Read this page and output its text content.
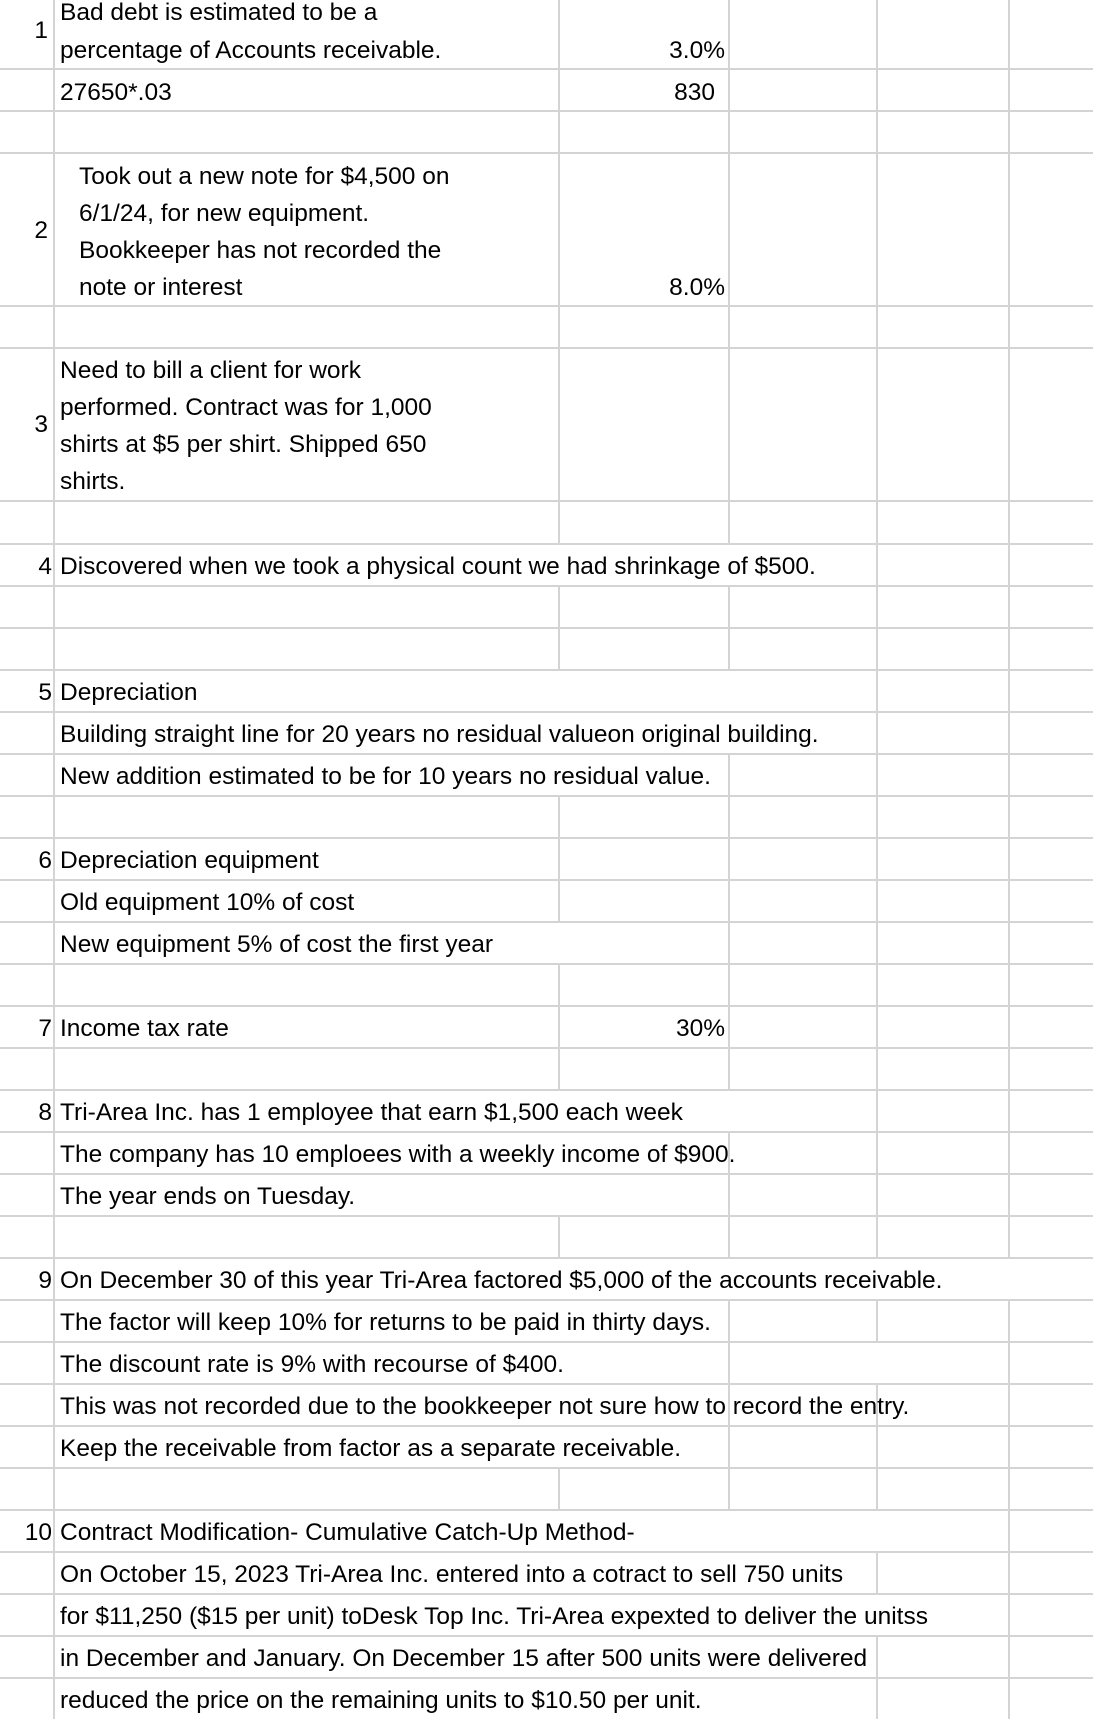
1
Bad debt is estimated to be a
percentage of Accounts receivable.	3.0%
27650*.03	830
2
Took out a new note for $4,500 on
6/1/24, for new equipment.
Bookkeeper has not recorded the
note or interest	8.0%
3
Need to bill a client for work
performed. Contract was for 1,000
shirts at $5 per shirt. Shipped 650
shirts.
4 Discovered when we took a physical count we had shrinkage of $500.
5 Depreciation
Building straight line for 20 years no residual valueon original building.
New addition estimated to be for 10 years no residual value.
6 Depreciation equipment
Old equipment 10% of cost
New equipment 5% of cost the first year
7 Income tax rate	30%
8 Tri-Area Inc. has 1 employee that earn $1,500 each week
The company has 10 emploees with a weekly income of $900.
The year ends on Tuesday.
9 On December 30 of this year Tri-Area factored $5,000 of the accounts receivable.
The factor will keep 10% for returns to be paid in thirty days.
The discount rate is 9% with recourse of $400.
This was not recorded due to the bookkeeper not sure how to record the entry.
Keep the receivable from factor as a separate receivable.
10 Contract Modification- Cumulative Catch-Up Method-
On October 15, 2023 Tri-Area Inc. entered into a cotract to sell 750 units
for $11,250 ($15 per unit) toDesk Top Inc. Tri-Area expexted to deliver the unitss
in December and January. On December 15 after 500 units were delivered
reduced the price on the remaining units to $10.50 per unit.
